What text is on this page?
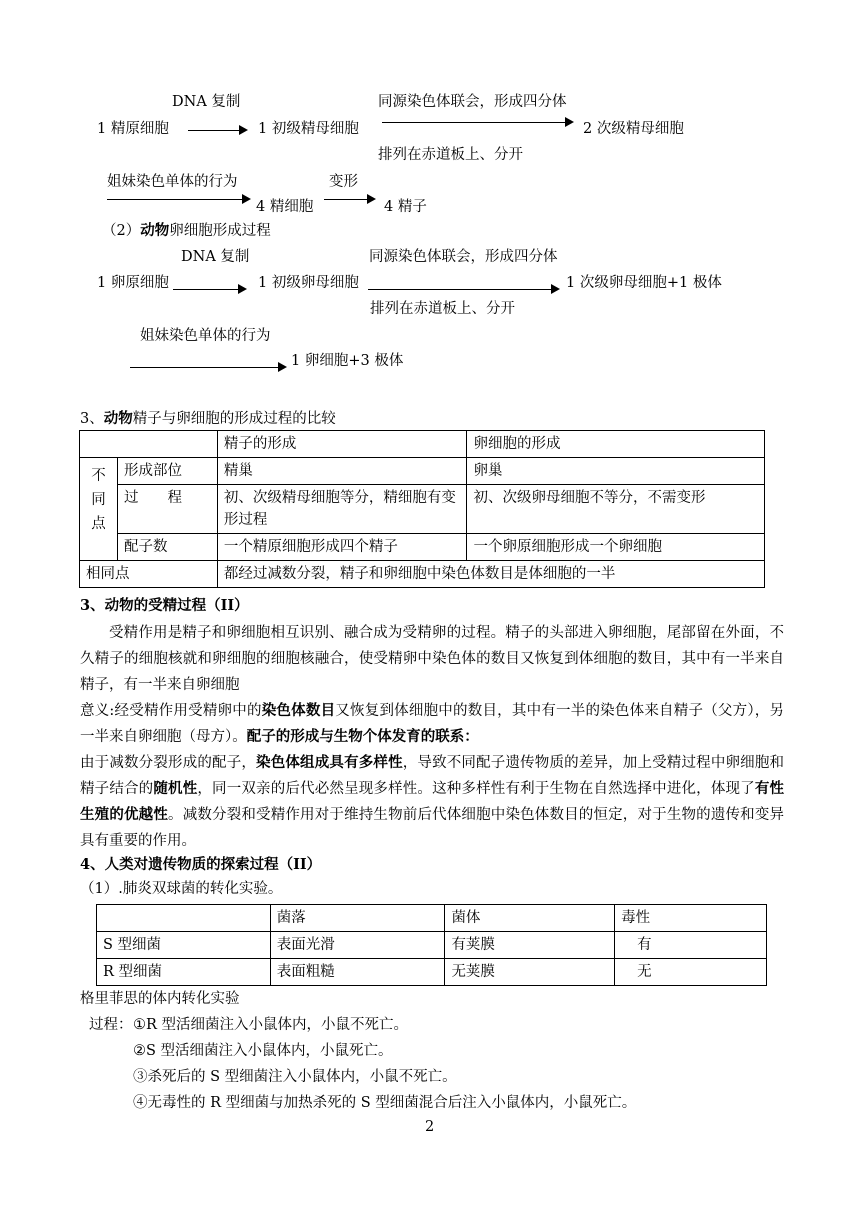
DNA 复制	同源染色体联会，形成四分体
1 精原细胞	1 初级精母细胞	2 次级精母细胞
排列在赤道板上、分开
姐妹染色单体的行为	变形
4 精细胞	4 精子
（2）动物卵细胞形成过程
DNA 复制	同源染色体联会，形成四分体
1 卵原细胞	1 初级卵母细胞	1 次级卵母细胞+1 极体
排列在赤道板上、分开
姐妹染色单体的行为
1 卵细胞+3 极体
3、动物精子与卵细胞的形成过程的比较
		精子的形成	卵细胞的形成

不
同
点	形成部位	精巢	卵巢
	过　　程	初、次级精母细胞等分，精细胞有变形过程	初、次级卵母细胞不等分，不需变形
	配子数	一个精原细胞形成四个精子	一个卵原细胞形成一个卵细胞
相同点		都经过减数分裂，精子和卵细胞中染色体数目是体细胞的一半	
3、动物的受精过程（II）
受精作用是精子和卵细胞相互识别、融合成为受精卵的过程。精子的头部进入卵细胞，尾部留在外面，不久精子的细胞核就和卵细胞的细胞核融合，使受精卵中染色体的数目又恢复到体细胞的数目，其中有一半来自精子，有一半来自卵细胞
意义:经受精作用受精卵中的染色体数目又恢复到体细胞中的数目，其中有一半的染色体来自精子（父方），另一半来自卵细胞（母方）。配子的形成与生物个体发育的联系：
由于减数分裂形成的配子，染色体组成具有多样性，导致不同配子遗传物质的差异，加上受精过程中卵细胞和精子结合的随机性，同一双亲的后代必然呈现多样性。这种多样性有利于生物在自然选择中进化，体现了有性生殖的优越性。减数分裂和受精作用对于维持生物前后代体细胞中染色体数目的恒定，对于生物的遗传和变异具有重要的作用。
4、人类对遗传物质的探索过程（II）
（1）.肺炎双球菌的转化实验。
	菌落	菌体	毒性
S 型细菌	表面光滑	有荚膜	有
R 型细菌	表面粗糙	无荚膜	无
格里菲思的体内转化实验
过程： ①R 型活细菌注入小鼠体内，小鼠不死亡。
②S 型活细菌注入小鼠体内，小鼠死亡。
③杀死后的 S 型细菌注入小鼠体内，小鼠不死亡。
④无毒性的 R 型细菌与加热杀死的 S 型细菌混合后注入小鼠体内，小鼠死亡。
2
